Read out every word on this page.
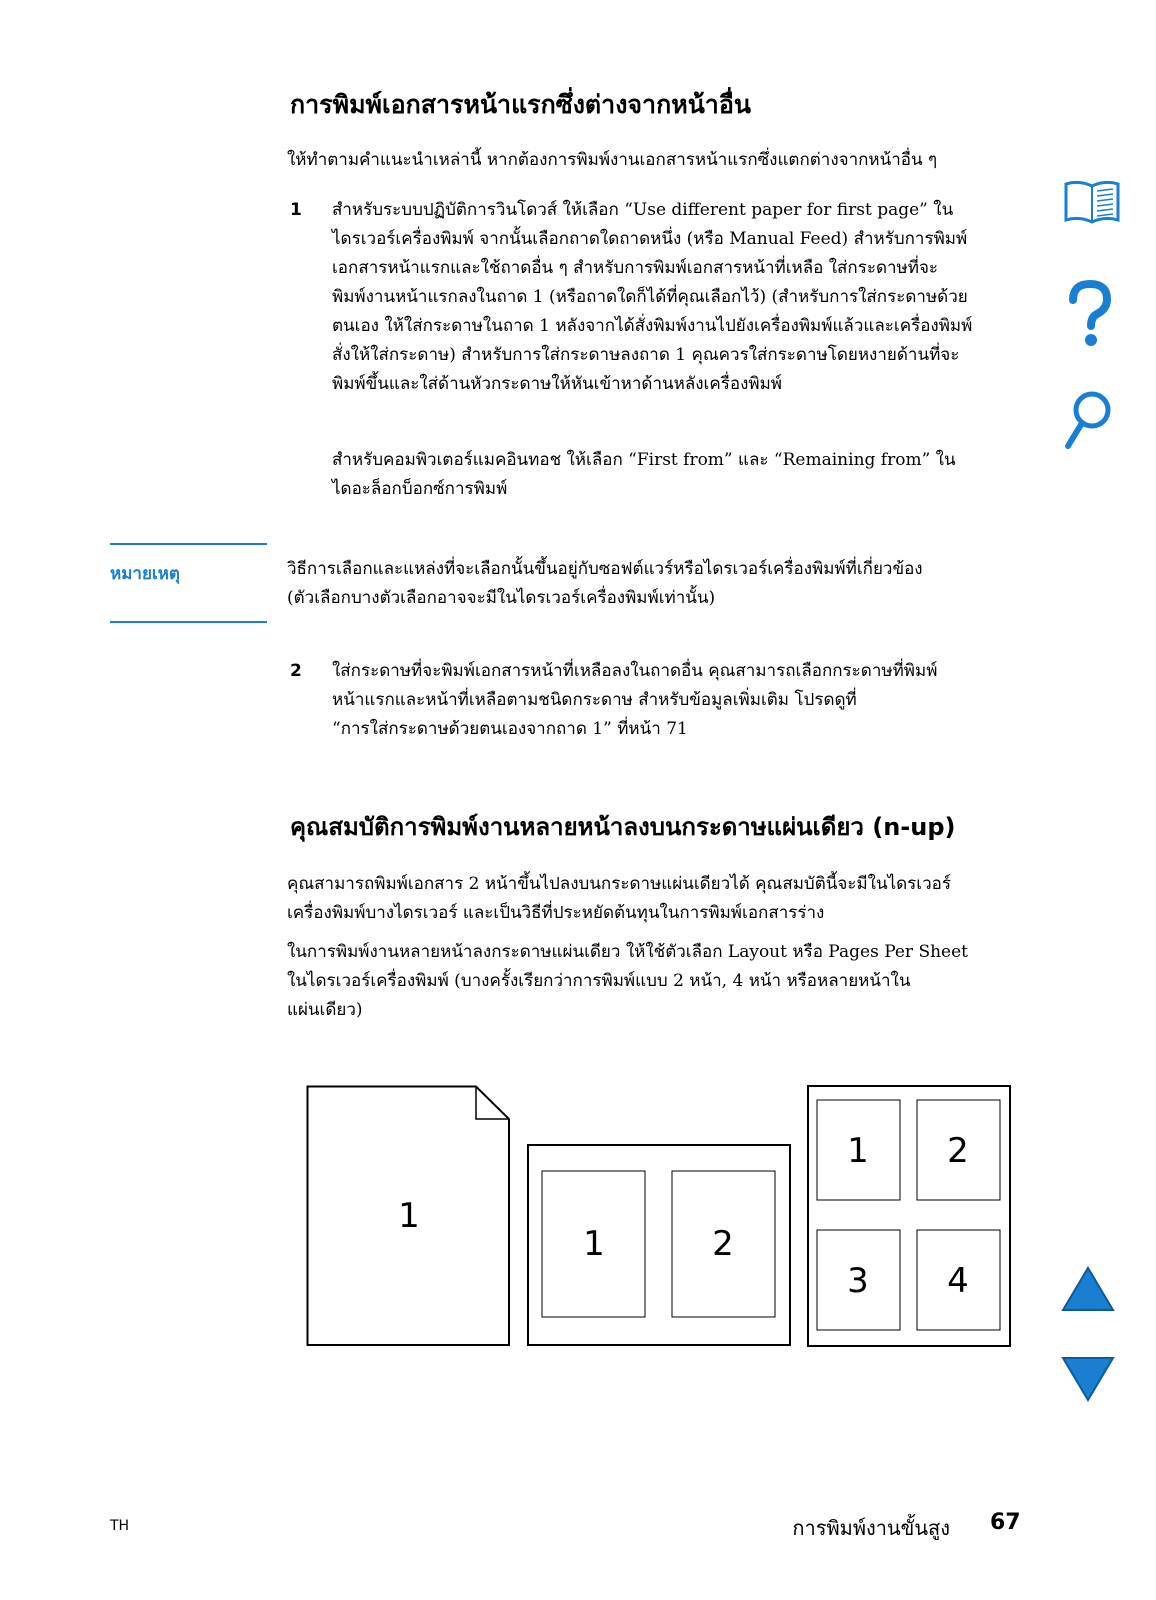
การพิมพ์เอกสารหน้าแรกซึ่งต่างจากหน้าอื่น

ให้ทำตามคำแนะนำเหล่านี้ หากต้องการพิมพ์งานเอกสารหน้าแรกซึ่งแตกต่างจากหน้าอื่น ๆ

1 สำหรับระบบปฏิบัติการวินโดวส์ ให้เลือก “Use different paper for first page” ใน
ไดรเวอร์เครื่องพิมพ์ จากนั้นเลือกถาดใดถาดหนึ่ง (หรือ Manual Feed) สำหรับการพิมพ์
เอกสารหน้าแรกและใช้ถาดอื่น ๆ สำหรับการพิมพ์เอกสารหน้าที่เหลือ ใส่กระดาษที่จะ
พิมพ์งานหน้าแรกลงในถาด 1 (หรือถาดใดก็ได้ที่คุณเลือกไว้) (สำหรับการใส่กระดาษด้วย
ตนเอง ให้ใส่กระดาษในถาด 1 หลังจากได้สั่งพิมพ์งานไปยังเครื่องพิมพ์แล้วและเครื่องพิมพ์
สั่งให้ใส่กระดาษ) สำหรับการใส่กระดาษลงถาด 1 คุณควรใส่กระดาษโดยหงายด้านที่จะ
พิมพ์ขึ้นและใส่ด้านหัวกระดาษให้หันเข้าหาด้านหลังเครื่องพิมพ์
สำหรับคอมพิวเตอร์แมคอินทอช ให้เลือก “First from” และ “Remaining from” ใน
ไดอะล็อกบ็อกซ์การพิมพ์

หมายเหตุ	วิธีการเลือกและแหล่งที่จะเลือกนั้นขึ้นอยู่กับซอฟต์แวร์หรือไดรเวอร์เครื่องพิมพ์ที่เกี่ยวข้อง
(ตัวเลือกบางตัวเลือกอาจจะมีในไดรเวอร์เครื่องพิมพ์เท่านั้น)
2 ใส่กระดาษที่จะพิมพ์เอกสารหน้าที่เหลือลงในถาดอื่น คุณสามารถเลือกกระดาษที่พิมพ์
หน้าแรกและหน้าที่เหลือตามชนิดกระดาษ สำหรับข้อมูลเพิ่มเติม โปรดดูที่
“การใส่กระดาษด้วยตนเองจากถาด 1” ที่หน้า 71
คุณสมบัติการพิมพ์งานหลายหน้าลงบนกระดาษแผ่นเดียว (n-up)
คุณสามารถพิมพ์เอกสาร 2 หน้าขึ้นไปลงบนกระดาษแผ่นเดียวได้ คุณสมบัตินี้จะมีในไดรเวอร์
เครื่องพิมพ์บางไดรเวอร์ และเป็นวิธีที่ประหยัดต้นทุนในการพิมพ์เอกสารร่าง
ในการพิมพ์งานหลายหน้าลงกระดาษแผ่นเดียว ให้ใช้ตัวเลือก Layout หรือ Pages Per Sheet
ในไดรเวอร์เครื่องพิมพ์ (บางครั้งเรียกว่าการพิมพ์แบบ 2 หน้า, 4 หน้า หรือหลายหน้าใน
แผ่นเดียว)
1
1	2
1 2
3 4

TH	การพิมพ์งานขั้นสูง 67
